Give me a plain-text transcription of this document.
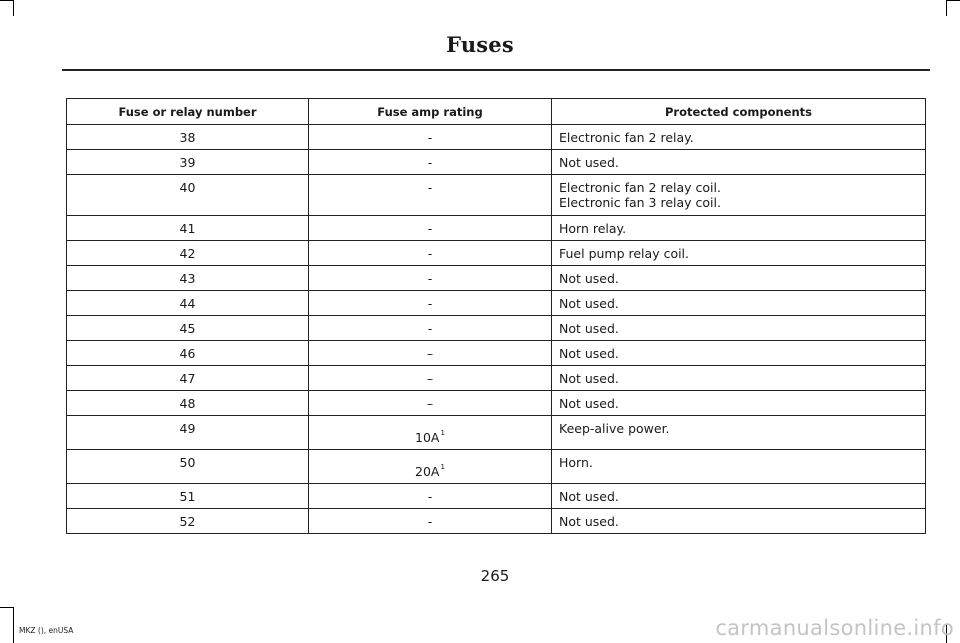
Fuses
Fuse or relay number	Fuse amp rating	Protected components

38	-	Electronic fan 2 relay.

39	-	Not used.

40	-	Electronic fan 2 relay coil.
Electronic fan 3 relay coil.

41	-	Horn relay.

42	-	Fuel pump relay coil.

43	-	Not used.

44	-	Not used.

45	-	Not used.

46	–	Not used.

47	–	Not used.

48	–	Not used.

49	$10A^1$	Keep-alive power.

50	$20A^1$	Horn.

51	-	Not used.

52	-	Not used.
265
MKZ (), enUSA	carmanualsonline.info
